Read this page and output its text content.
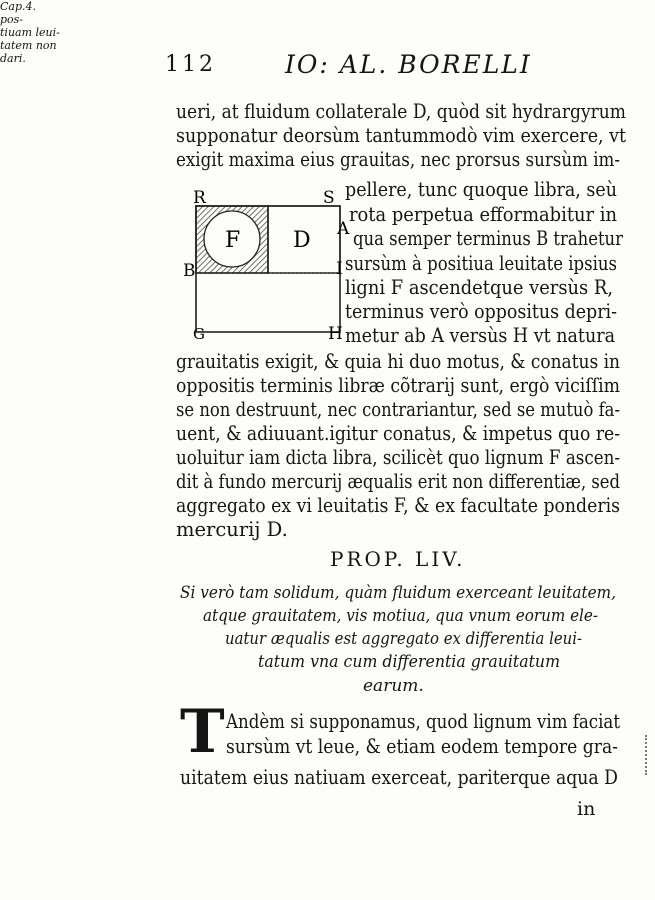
112	IO: AL. BORELLI
Cap.4. pos-
tiuam leui-
tatem non
dari.
ueri, at fluidum collaterale D, quòd sit hydrargyrum
supponatur deorsùm tantummodò vim exercere, vt
exigit maxima eius grauitas, nec prorsus sursùm im-
pellere, tunc quoque libra, seù
rota perpetua efformabitur in
qua semper terminus B trahetur
sursùm à positiua leuitate ipsius
ligni F ascendetque versùs R,
terminus verò oppositus depri-
metur ab A versùs H vt natura
grauitatis exigit, & quia hi duo motus, & conatus in
oppositis terminis libræ cõtrarij sunt, ergò viciſſim
se non destruunt, nec contrariantur, sed se mutuò fa-
uent, & adiuuant.igitur conatus, & impetus quo re-
uoluitur iam dicta libra, scilicèt quo lignum F ascen-
dit à fundo mercurij æqualis erit non differentiæ, sed
aggregato ex vi leuitatis F, & ex facultate ponderis
mercurij D.
R	S
B
A
I
G	H
F D
PROP. LIV.
Si verò tam solidum, quàm fluidum exerceant leuitatem,
atque grauitatem, vis motiua, qua vnum eorum ele-
uatur æqualis est aggregato ex differentia leui-
tatum vna cum differentia grauitatum
earum.
T Andèm si supponamus, quod lignum vim faciat
sursùm vt leue, & etiam eodem tempore gra-
uitatem eius natiuam exerceat, pariterque aqua D
in
